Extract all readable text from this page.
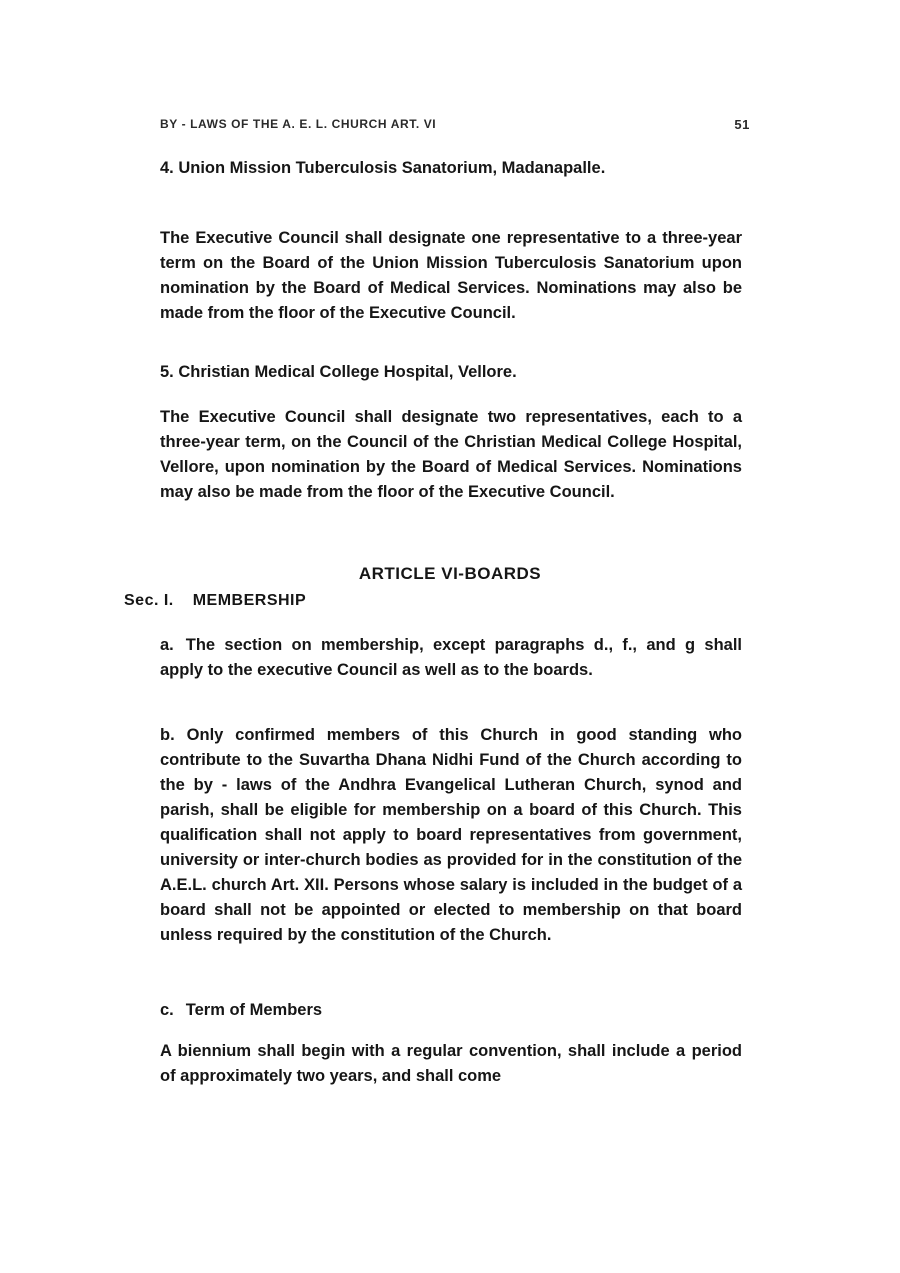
BY - LAWS OF THE A. E. L. CHURCH ART. VI	51
4. Union Mission Tuberculosis Sanatorium, Madanapalle.

The Executive Council shall designate one representative to a three-year term on the Board of the Union Mission Tuberculosis Sanatorium upon nomination by the Board of Medical Services. Nominations may also be made from the floor of the Executive Council.

5. Christian Medical College Hospital, Vellore.

The Executive Council shall designate two representatives, each to a three-year term, on the Council of the Christian Medical College Hospital, Vellore, upon nomination by the Board of Medical Services. Nominations may also be made from the floor of the Executive Council.

ARTICLE VI-BOARDS
Sec. I. MEMBERSHIP

a. The section on membership, except paragraphs d., f., and g shall apply to the executive Council as well as to the boards.

b. Only confirmed members of this Church in good standing who contribute to the Suvartha Dhana Nidhi Fund of the Church according to the by - laws of the Andhra Evangelical Lutheran Church, synod and parish, shall be eligible for membership on a board of this Church. This qualification shall not apply to board representatives from government, university or inter-church bodies as provided for in the constitution of the A.E.L. church Art. XII. Persons whose salary is included in the budget of a board shall not be appointed or elected to membership on that board unless required by the constitution of the Church.

c. Term of Members

A biennium shall begin with a regular convention, shall include a period of approximately two years, and shall come
